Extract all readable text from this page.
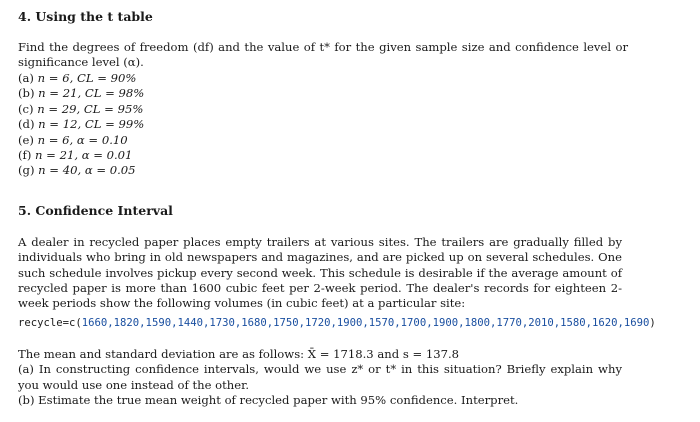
4. Using the t table

Find the degrees of freedom (df) and the value of t* for the given sample size and confidence level or significance level (α).

(a) n = 6, CL = 90%
(b) n = 21, CL = 98%
(c) n = 29, CL = 95%
(d) n = 12, CL = 99%
(e) n = 6, α = 0.10
(f) n = 21, α = 0.01
(g) n = 40, α = 0.05
5. Confidence Interval

A dealer in recycled paper places empty trailers at various sites. The trailers are gradually filled by individuals who bring in old newspapers and magazines, and are picked up on several schedules. One such schedule involves pickup every second week. This schedule is desirable if the average amount of recycled paper is more than 1600 cubic feet per 2-week period. The dealer's records for eighteen 2-week periods show the following volumes (in cubic feet) at a particular site:

recycle=c(1660,1820,1590,1440,1730,1680,1750,1720,1900,1570,1700,1900,1800,1770,2010,1580,1620,1690)
The mean and standard deviation are as follows: X̄ = 1718.3 and s = 137.8
(a) In constructing confidence intervals, would we use z* or t* in this situation? Briefly explain why you would use one instead of the other.
(b) Estimate the true mean weight of recycled paper with 95% confidence. Interpret.
